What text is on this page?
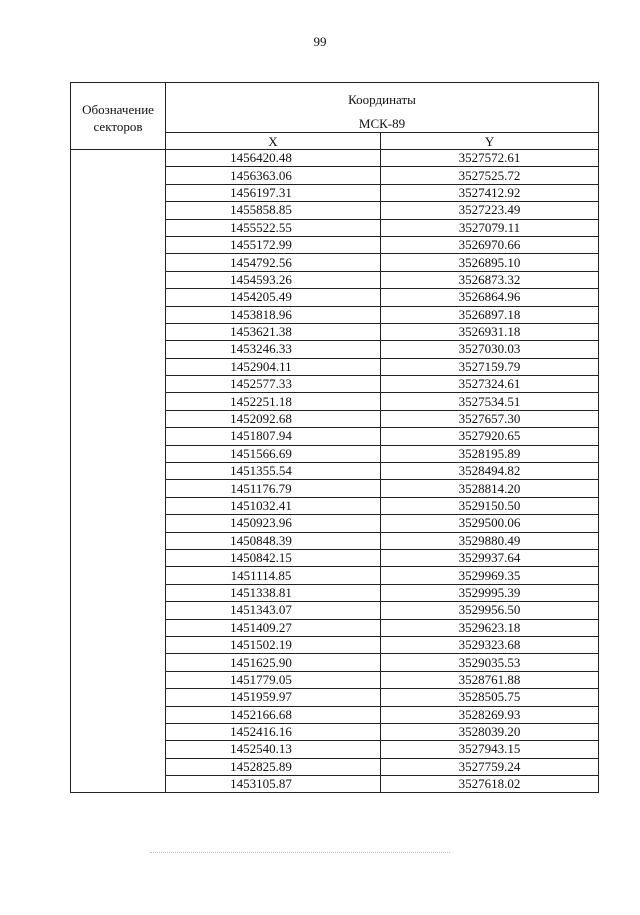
99
Обозначение секторов	Координаты
МСК-89	

	X	Y
	1456420.48	3527572.61
	1456363.06	3527525.72
	1456197.31	3527412.92
	1455858.85	3527223.49
	1455522.55	3527079.11
	1455172.99	3526970.66
	1454792.56	3526895.10
	1454593.26	3526873.32
	1454205.49	3526864.96
	1453818.96	3526897.18
	1453621.38	3526931.18
	1453246.33	3527030.03
	1452904.11	3527159.79
	1452577.33	3527324.61
	1452251.18	3527534.51
	1452092.68	3527657.30
	1451807.94	3527920.65
	1451566.69	3528195.89
	1451355.54	3528494.82
	1451176.79	3528814.20
	1451032.41	3529150.50
	1450923.96	3529500.06
	1450848.39	3529880.49
	1450842.15	3529937.64
	1451114.85	3529969.35
	1451338.81	3529995.39
	1451343.07	3529956.50
	1451409.27	3529623.18
	1451502.19	3529323.68
	1451625.90	3529035.53
	1451779.05	3528761.88
	1451959.97	3528505.75
	1452166.68	3528269.93
	1452416.16	3528039.20
	1452540.13	3527943.15
	1452825.89	3527759.24
	1453105.87	3527618.02
